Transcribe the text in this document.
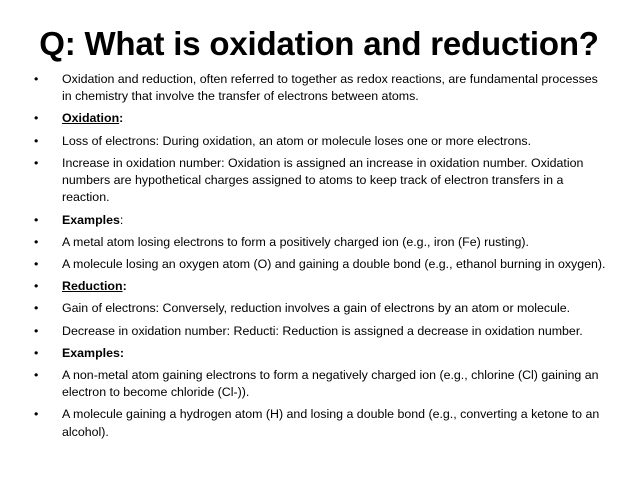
Q: What is oxidation and reduction?
• Oxidation and reduction, often referred to together as redox reactions, are fundamental processes in chemistry that involve the transfer of electrons between atoms.
• Oxidation:
• Loss of electrons: During oxidation, an atom or molecule loses one or more electrons.
• Increase in oxidation number: Oxidation is assigned an increase in oxidation number. Oxidation numbers are hypothetical charges assigned to atoms to keep track of electron transfers in a reaction.
• Examples:
• A metal atom losing electrons to form a positively charged ion (e.g., iron (Fe) rusting).
• A molecule losing an oxygen atom (O) and gaining a double bond (e.g., ethanol burning in oxygen).
• Reduction:
• Gain of electrons: Conversely, reduction involves a gain of electrons by an atom or molecule.
• Decrease in oxidation number: Reducti: Reduction is assigned a decrease in oxidation number.
• Examples:
• A non-metal atom gaining electrons to form a negatively charged ion (e.g., chlorine (Cl) gaining an electron to become chloride (Cl-)).
• A molecule gaining a hydrogen atom (H) and losing a double bond (e.g., converting a ketone to an alcohol).
